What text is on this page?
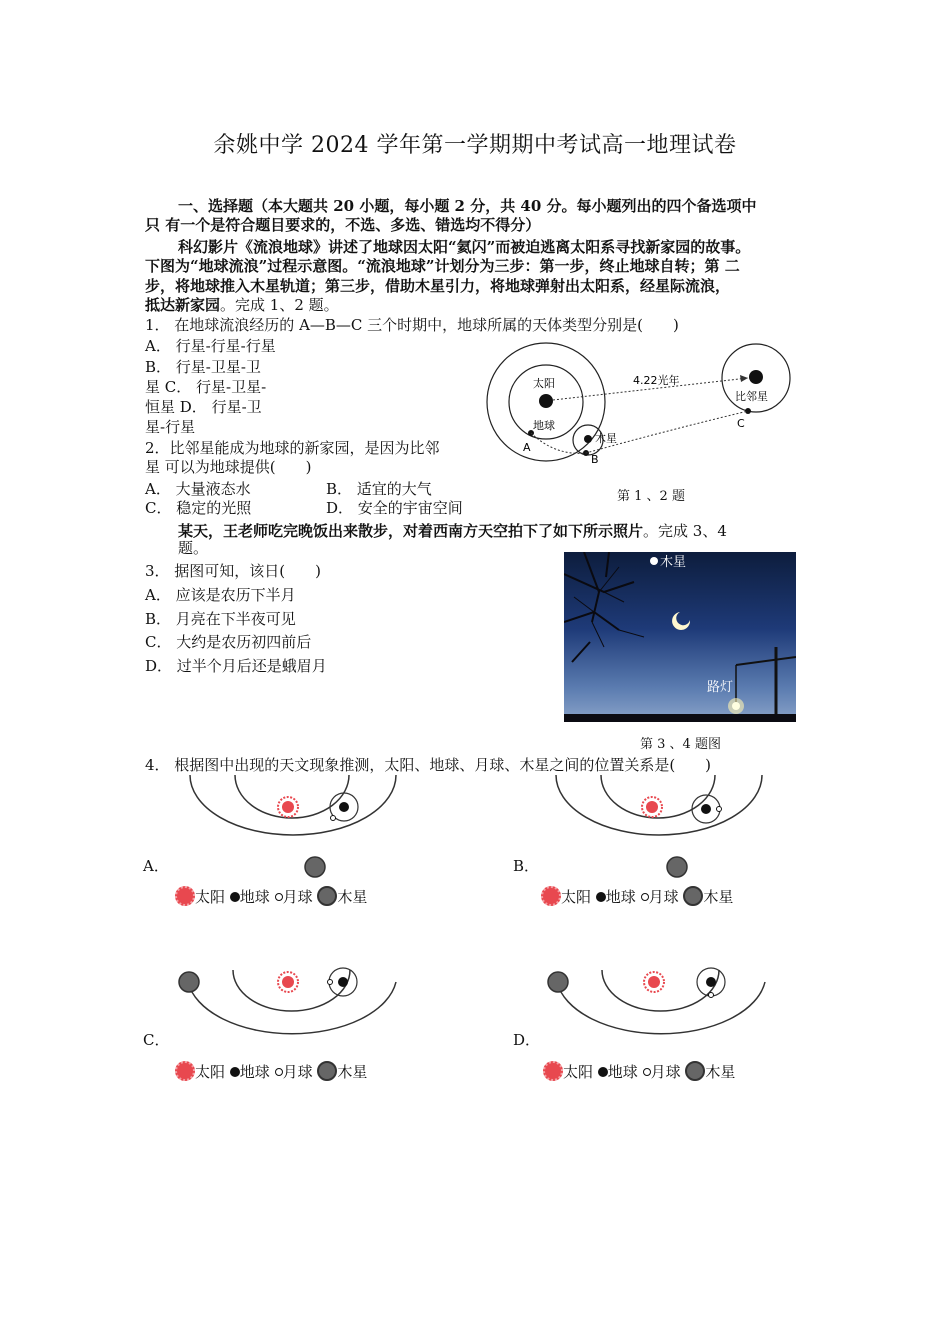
余姚中学 2024 学年第一学期期中考试高一地理试卷
一、选择题（本大题共 20 小题，每小题 2 分，共 40 分。每小题列出的四个备选项中
只 有一个是符合题目要求的，不选、多选、错选均不得分）
科幻影片《流浪地球》讲述了地球因太阳“氦闪”而被迫逃离太阳系寻找新家园的故事。
下图为“地球流浪”过程示意图。“流浪地球”计划分为三步：第一步，终止地球自转；第 二
步，将地球推入木星轨道；第三步，借助木星引力，将地球弹射出太阳系，经星际流浪，
抵达新家园。完成 1、2 题。
1． 在地球流浪经历的 A—B—C 三个时期中，地球所属的天体类型分别是(　　)
A． 行星-行星-行星
B． 行星-卫星-卫
星 C． 行星-卫星-
恒星 D． 行星-卫
星-行星
2．比邻星能成为地球的新家园，是因为比邻
星 可以为地球提供(　　)
A． 大量液态水	B． 适宜的大气
C． 稳定的光照	D． 安全的宇宙空间
太阳
地球
木星
比邻星
4.22光年
A
B
C
第 1 、2 题
某天，王老师吃完晚饭出来散步，对着西南方天空拍下了如下所示照片。完成 3、4
题。
3． 据图可知，该日(　　)
A． 应该是农历下半月
B． 月亮在下半夜可见
C． 大约是农历初四前后
D． 过半个月后还是蛾眉月
木星
路灯
第 3 、4 题图
4． 根据图中出现的天文现象推测，太阳、地球、月球、木星之间的位置关系是(　　)
A．	B．
太阳 地球 月球 木星	太阳 地球 月球 木星
C．	D．
太阳 地球 月球 木星	太阳 地球 月球 木星
